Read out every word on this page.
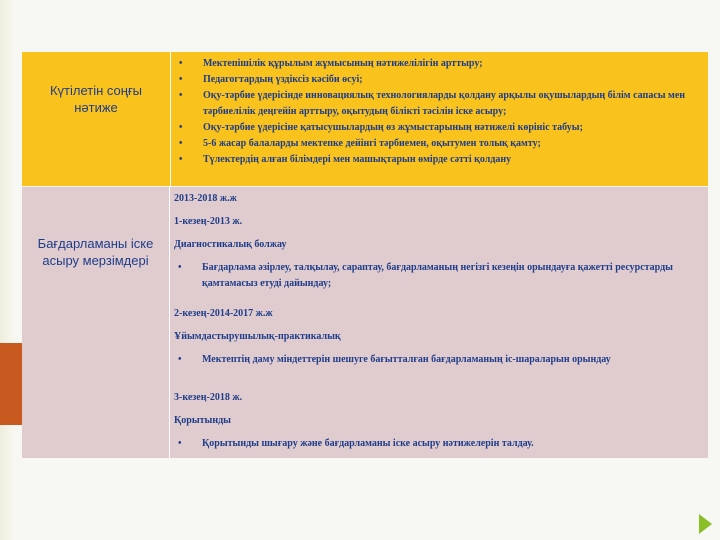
Күтілетін соңғы нәтиже
• Мектепішілік құрылым жұмысының нәтижелілігін арттыру;
• Педагогтардың үздіксіз кәсіби өсуі;
• Оқу-тәрбие үдерісінде инновациялық технологияларды қолдану арқылы оқушылардың білім сапасы мен тәрбиелілік деңгейін арттыру, оқытудың біліктi тәсілін іске асыру;
• Оқу-тәрбие үдерісіне қатысушылардың өз жұмыстарының нәтижелі көрініс табуы;
• 5-6 жасар балаларды мектепке дейінгі тәрбиемен, оқытумен толық қамту;
• Түлектердің алған білімдері мен машықтарын өмірде сәтті қолдану
Бағдарламаны іске асыру мерзімдері
2013-2018 ж.ж
1-кезең-2013 ж.
Диагностикалық болжау
• Бағдарлама әзірлеу, талқылау, сараптау, бағдарламаның негізгі кезеңін орындауға қажетті ресурстарды қамтамасыз етуді дайындау;
2-кезең-2014-2017 ж.ж
Ұйымдастырушылық-практикалық
• Мектептің даму міндеттерін шешуге бағытталған бағдарламаның іс-шараларын орындау
3-кезең-2018 ж.
Қорытынды
• Қорытынды шығару және бағдарламаны іске асыру нәтижелерін талдау.
